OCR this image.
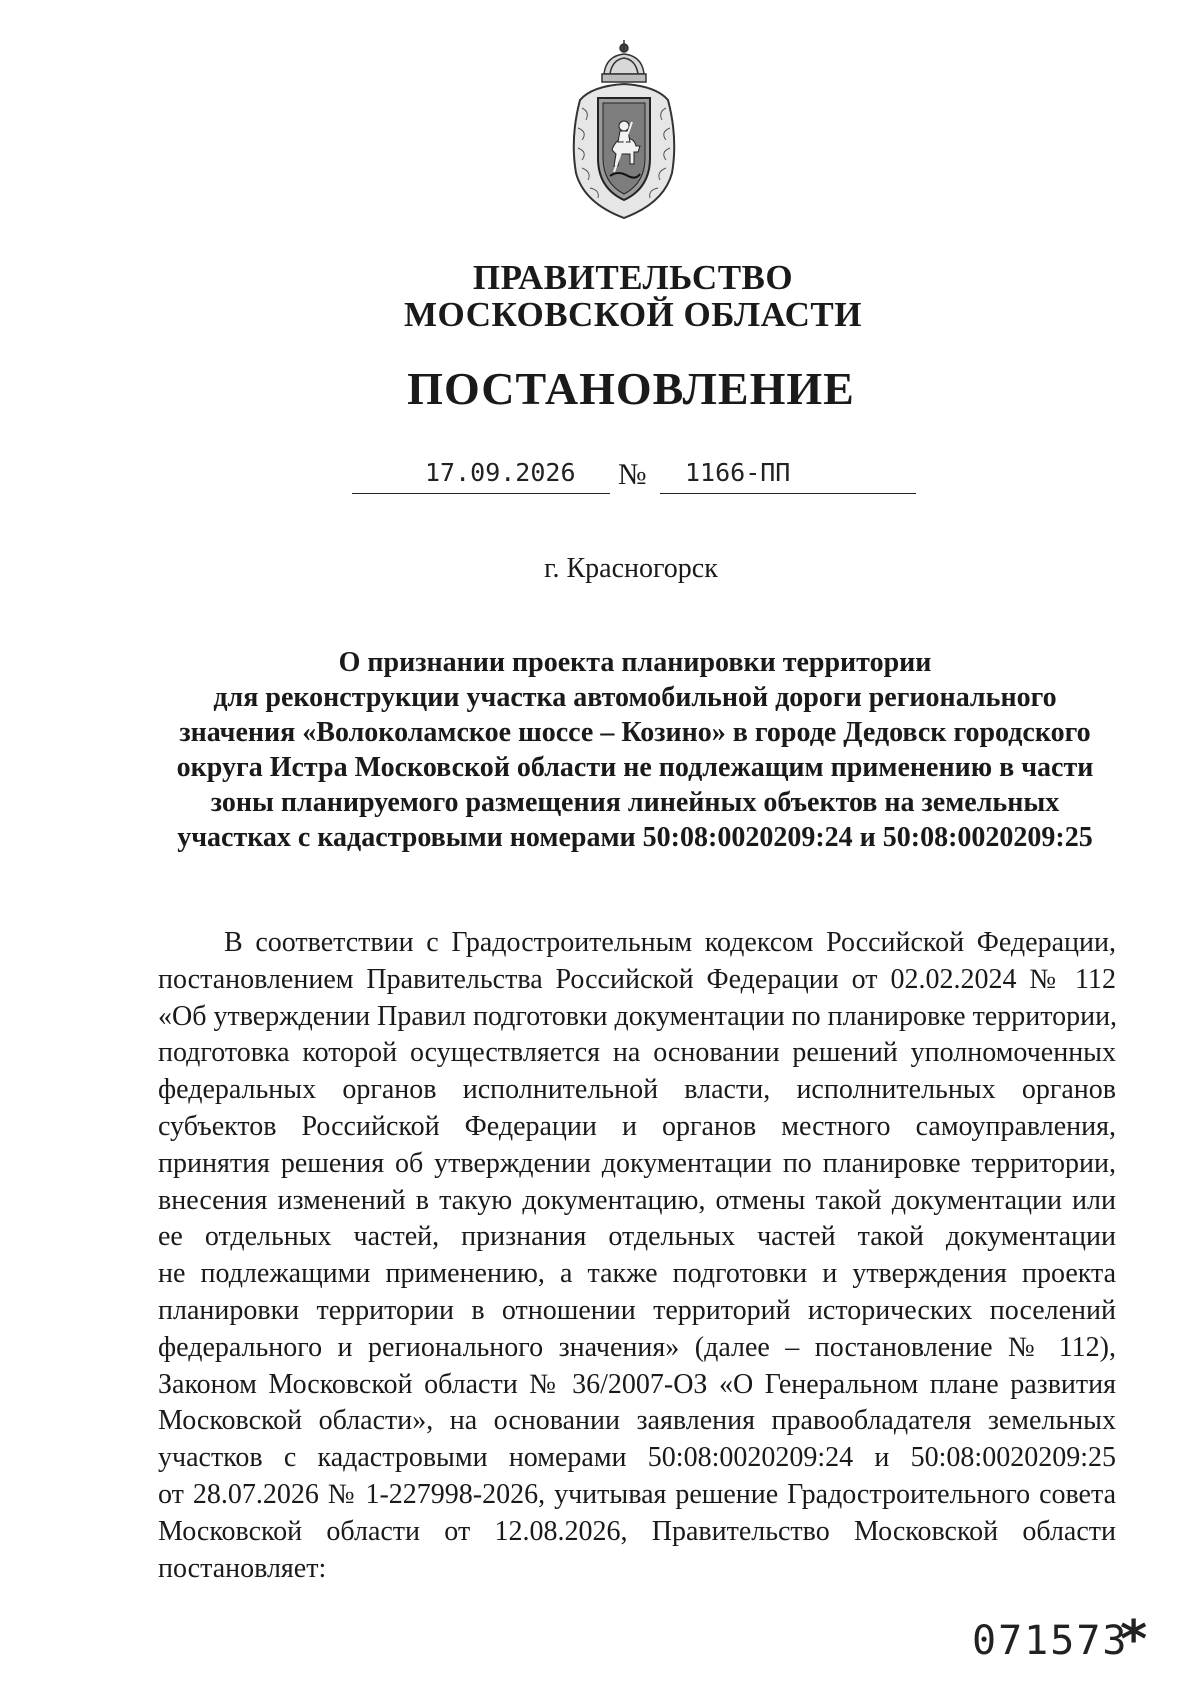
ПРАВИТЕЛЬСТВО
МОСКОВСКОЙ ОБЛАСТИ
ПОСТАНОВЛЕНИЕ
17.09.2026 № 1166-ПП
г. Красногорск
О признании проекта планировки территории
для реконструкции участка автомобильной дороги регионального
значения «Волоколамское шоссе – Козино» в городе Дедовск городского
округа Истра Московской области не подлежащим применению в части
зоны планируемого размещения линейных объектов на земельных
участках с кадастровыми номерами 50:08:0020209:24 и 50:08:0020209:25
В соответствии с Градостроительным кодексом Российской Федерации,
постановлением Правительства Российской Федерации от 02.02.2024 № 112
«Об утверждении Правил подготовки документации по планировке территории,
подготовка которой осуществляется на основании решений уполномоченных
федеральных органов исполнительной власти, исполнительных органов
субъектов Российской Федерации и органов местного самоуправления,
принятия решения об утверждении документации по планировке территории,
внесения изменений в такую документацию, отмены такой документации или
ее отдельных частей, признания отдельных частей такой документации
не подлежащими применению, а также подготовки и утверждения проекта
планировки территории в отношении территорий исторических поселений
федерального и регионального значения» (далее – постановление № 112),
Законом Московской области № 36/2007-ОЗ «О Генеральном плане развития
Московской области», на основании заявления правообладателя земельных
участков с кадастровыми номерами 50:08:0020209:24 и 50:08:0020209:25
от 28.07.2026 № 1-227998-2026, учитывая решение Градостроительного совета
Московской области от 12.08.2026, Правительство Московской области
постановляет:
071573
*
